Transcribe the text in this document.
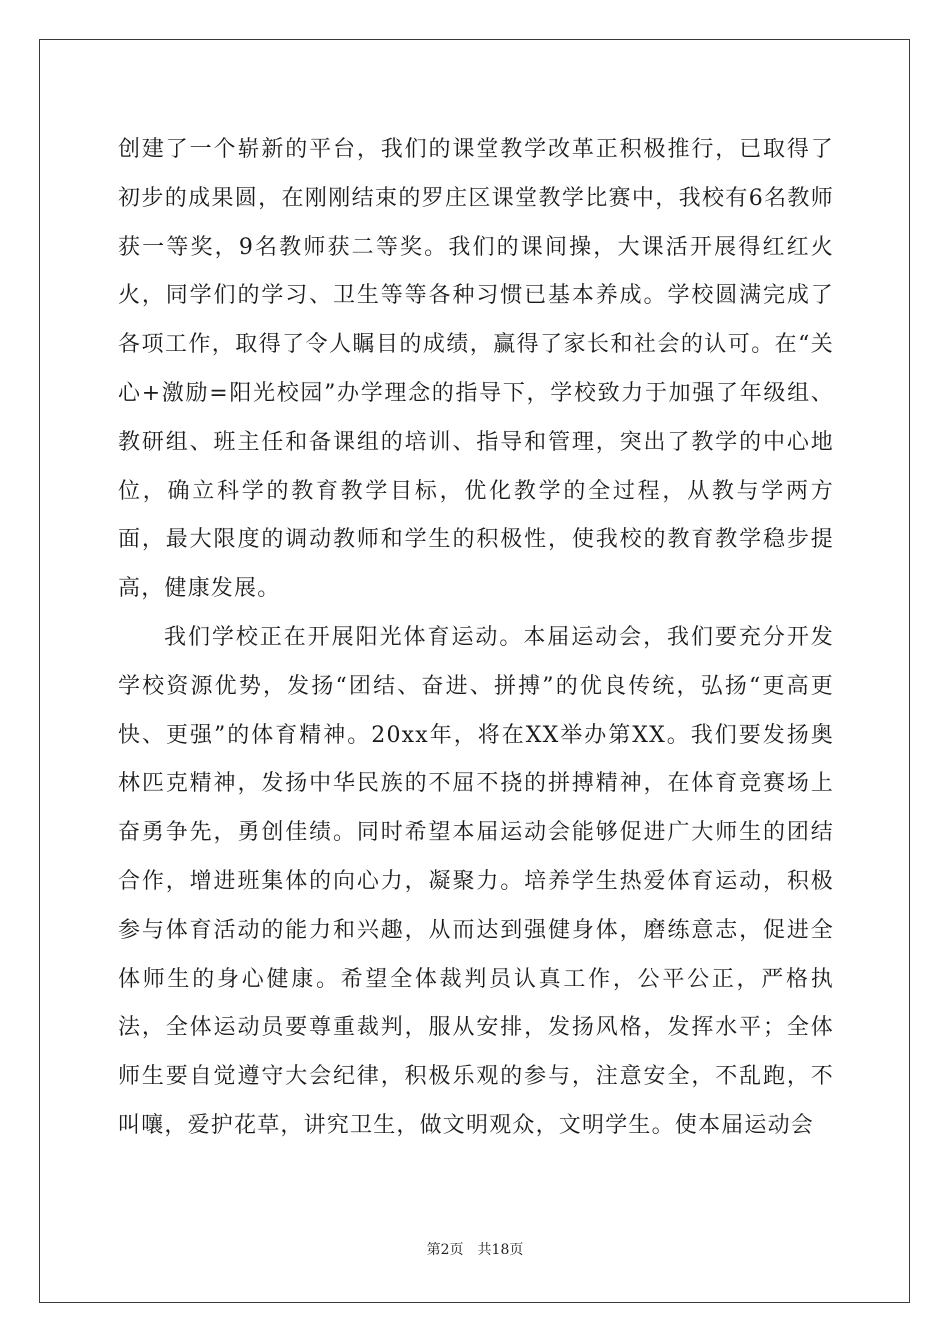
创建了一个崭新的平台，我们的课堂教学改革正积极推行，已取得了初步的成果圆，在刚刚结束的罗庄区课堂教学比赛中，我校有6名教师获一等奖，9名教师获二等奖。我们的课间操，大课活开展得红红火火，同学们的学习、卫生等等各种习惯已基本养成。学校圆满完成了各项工作，取得了令人瞩目的成绩，赢得了家长和社会的认可。在“关心+激励=阳光校园”办学理念的指导下，学校致力于加强了年级组、教研组、班主任和备课组的培训、指导和管理，突出了教学的中心地位，确立科学的教育教学目标，优化教学的全过程，从教与学两方面，最大限度的调动教师和学生的积极性，使我校的教育教学稳步提高，健康发展。

我们学校正在开展阳光体育运动。本届运动会，我们要充分开发学校资源优势，发扬“团结、奋进、拼搏”的优良传统，弘扬“更高更快、更强”的体育精神。20xx年，将在XX举办第XX。我们要发扬奥林匹克精神，发扬中华民族的不屈不挠的拼搏精神，在体育竞赛场上奋勇争先，勇创佳绩。同时希望本届运动会能够促进广大师生的团结合作，增进班集体的向心力，凝聚力。培养学生热爱体育运动，积极参与体育活动的能力和兴趣，从而达到强健身体，磨练意志，促进全体师生的身心健康。希望全体裁判员认真工作，公平公正，严格执法，全体运动员要尊重裁判，服从安排，发扬风格，发挥水平；全体师生要自觉遵守大会纪律，积极乐观的参与，注意安全，不乱跑，不叫嚷，爱护花草，讲究卫生，做文明观众，文明学生。使本届运动会

第2页 共18页
